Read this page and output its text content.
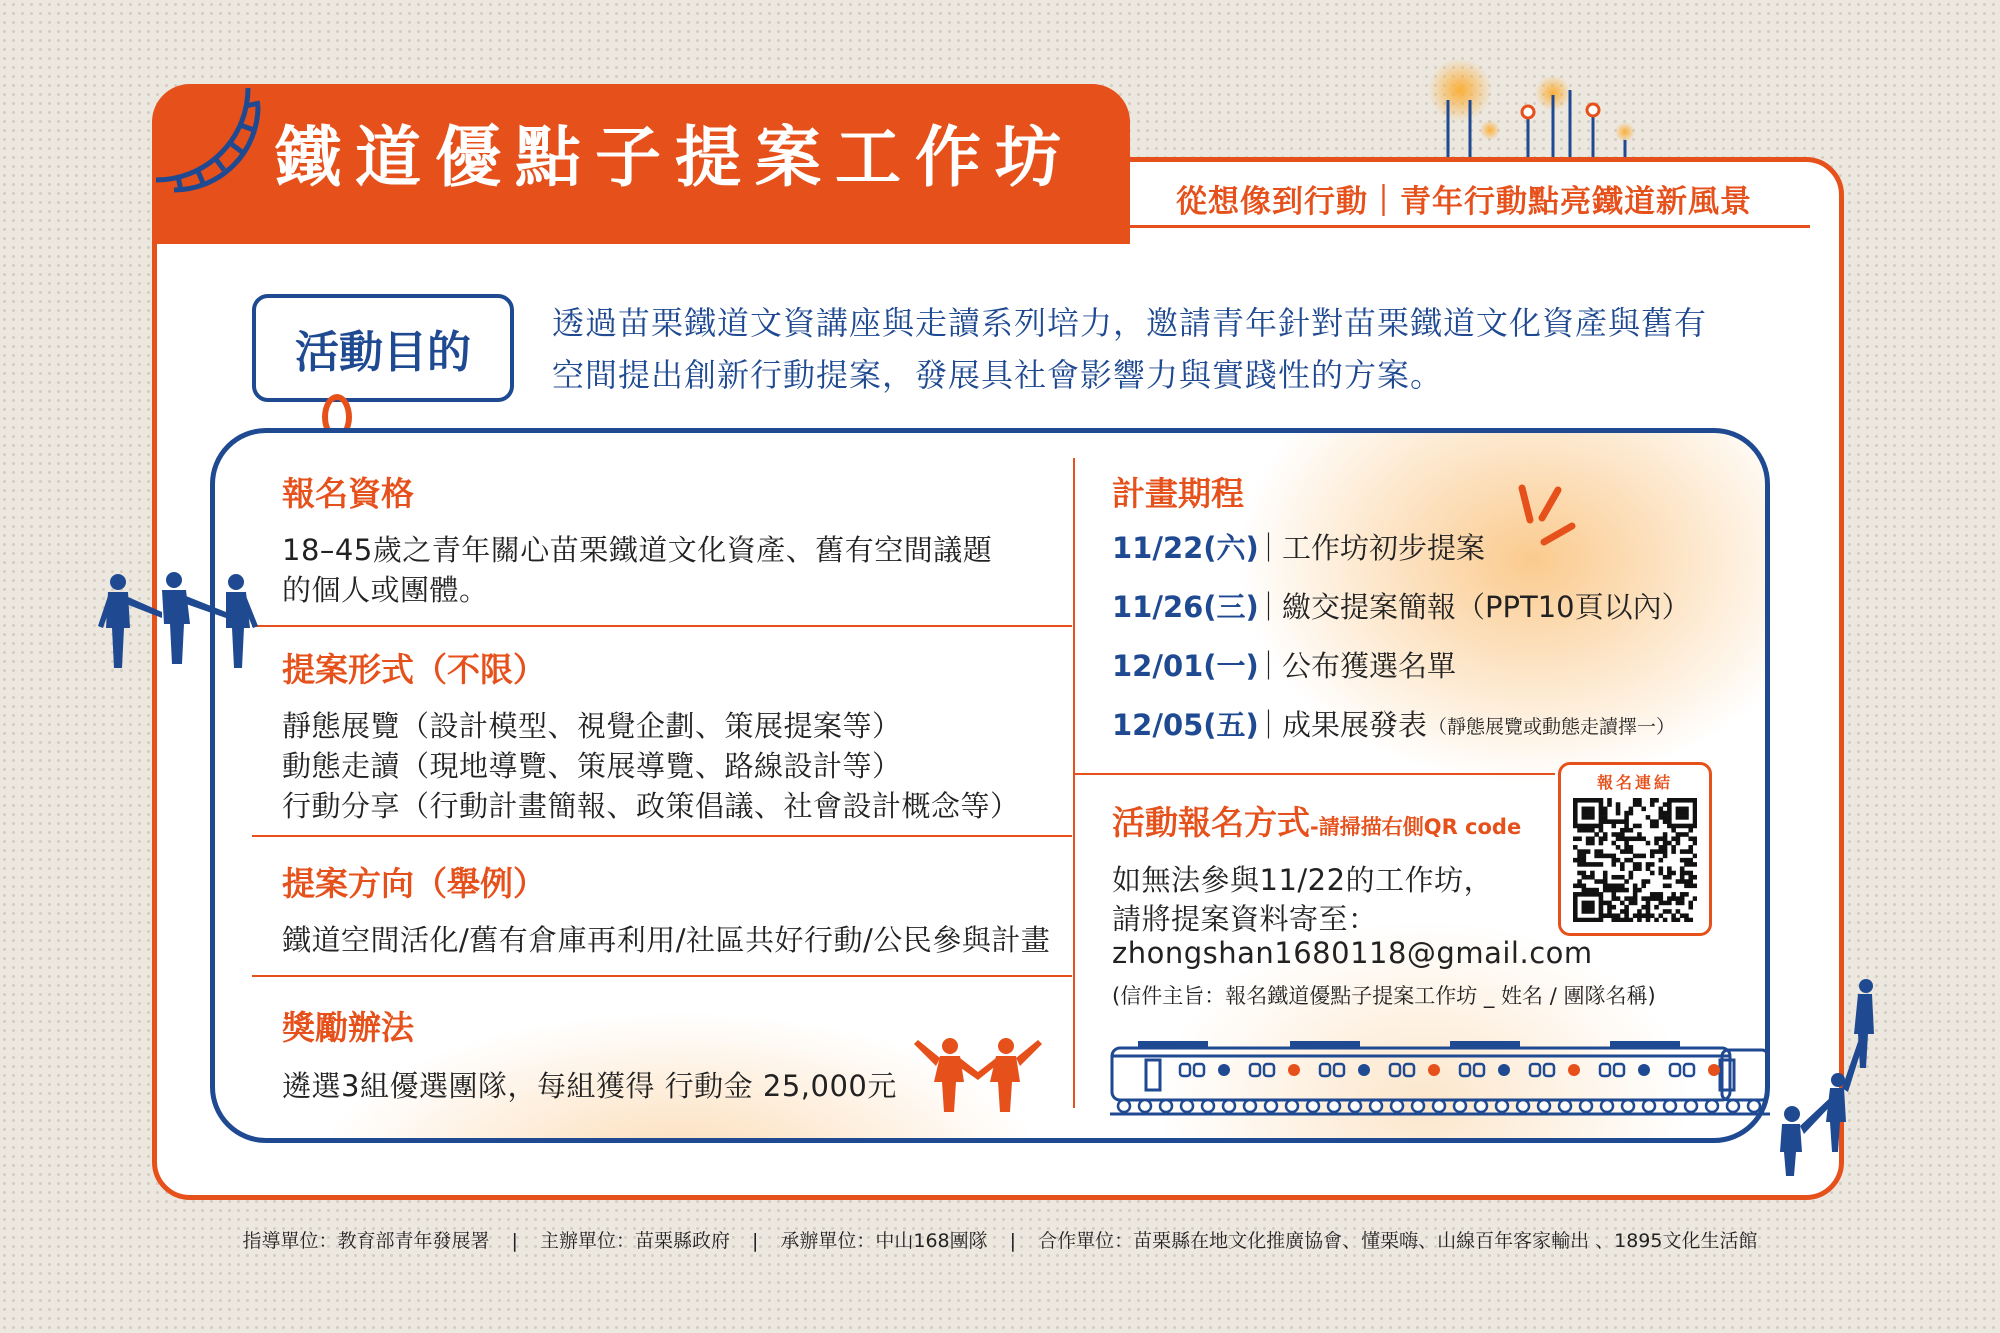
鐵道優點子提案工作坊
從想像到行動｜青年行動點亮鐵道新風景
活動目的
透過苗栗鐵道文資講座與走讀系列培力，邀請青年針對苗栗鐵道文化資產與舊有
空間提出創新行動提案，發展具社會影響力與實踐性的方案。
報名資格
18–45歲之青年關心苗栗鐵道文化資產、舊有空間議題
的個人或團體。
提案形式（不限）
靜態展覽（設計模型、視覺企劃、策展提案等）
動態走讀（現地導覽、策展導覽、路線設計等）
行動分享（行動計畫簡報、政策倡議、社會設計概念等）
提案方向（舉例）
鐵道空間活化/舊有倉庫再利用/社區共好行動/公民參與計畫
獎勵辦法
遴選3組優選團隊，每組獲得 行動金 25,000元
計畫期程
11/22(六)
｜
工作坊初步提案
11/26(三)
｜
繳交提案簡報（PPT10頁以內）
12/01(一)
｜
公布獲選名單
12/05(五)
｜
成果展發表 （靜態展覽或動態走讀擇一）
活動報名方式-請掃描右側QR code
如無法參與11/22的工作坊，
請將提案資料寄至：
zhongshan1680118@gmail.com
(信件主旨：報名鐵道優點子提案工作坊 _ 姓名 / 團隊名稱)
報名連結
指導單位：教育部青年發展署 | 主辦單位：苗栗縣政府 | 承辦單位：中山168團隊 | 合作單位：苗栗縣在地文化推廣協會、懂栗嗨、山線百年客家輸出 、1895文化生活館
